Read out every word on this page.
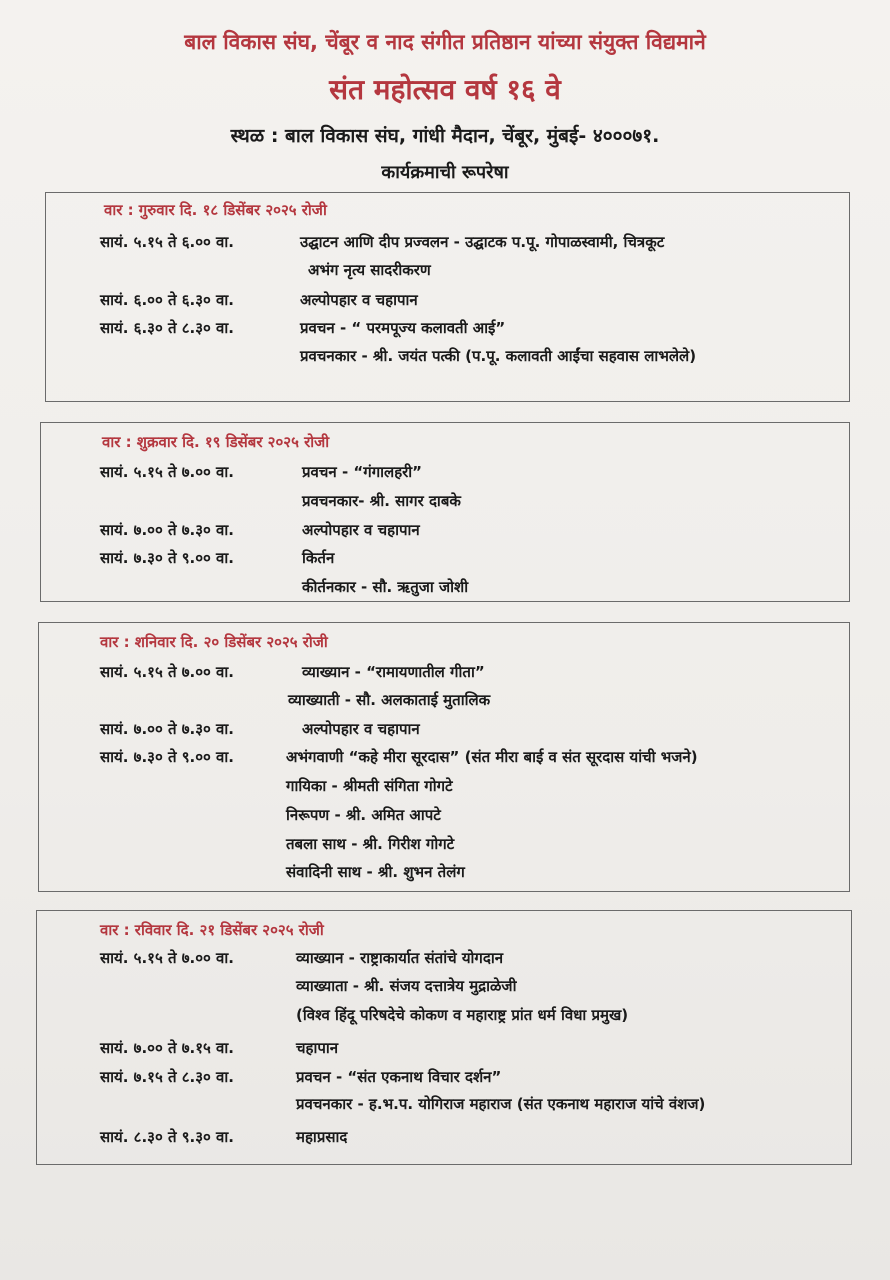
बाल विकास संघ, चेंबूर व नाद संगीत प्रतिष्ठान यांच्या संयुक्त विद्यमाने
संत महोत्सव वर्ष १६ वे
स्थळ : बाल विकास संघ, गांधी मैदान, चेंबूर, मुंबई- ४०००७१.
कार्यक्रमाची रूपरेषा
वार : गुरुवार दि. १८ डिसेंबर २०२५ रोजी
सायं. ५.१५ ते ६.०० वा.	उद्घाटन आणि दीप प्रज्वलन - उद्घाटक प.पू. गोपाळस्वामी, चित्रकूट
अभंग नृत्य सादरीकरण
सायं. ६.०० ते ६.३० वा.	अल्पोपहार व चहापान
सायं. ६.३० ते ८.३० वा.	प्रवचन - “ परमपूज्य कलावती आई”
प्रवचनकार - श्री. जयंत पत्की (प.पू. कलावती आईंचा सहवास लाभलेले)
वार : शुक्रवार दि. १९ डिसेंबर २०२५ रोजी
सायं. ५.१५ ते ७.०० वा.	प्रवचन - “गंगालहरी”
प्रवचनकार- श्री. सागर दाबके
सायं. ७.०० ते ७.३० वा.	अल्पोपहार व चहापान
सायं. ७.३० ते ९.०० वा.	किर्तन
कीर्तनकार - सौ. ऋतुजा जोशी
वार : शनिवार दि. २० डिसेंबर २०२५ रोजी
सायं. ५.१५ ते ७.०० वा.	व्याख्यान - “रामायणातील गीता”
व्याख्याती - सौ. अलकाताई मुतालिक
सायं. ७.०० ते ७.३० वा.	अल्पोपहार व चहापान
सायं. ७.३० ते ९.०० वा.	अभंगवाणी “कहे मीरा सूरदास” (संत मीरा बाई व संत सूरदास यांची भजने)
गायिका - श्रीमती संगिता गोगटे
निरूपण - श्री. अमित आपटे
तबला साथ - श्री. गिरीश गोगटे
संवादिनी साथ - श्री. शुभन तेलंग
वार : रविवार दि. २१ डिसेंबर २०२५ रोजी
सायं. ५.१५ ते ७.०० वा.	व्याख्यान - राष्ट्राकार्यात संतांचे योगदान
व्याख्याता - श्री. संजय दत्तात्रेय मुद्राळेजी
(विश्व हिंदू परिषदेचे कोकण व महाराष्ट्र प्रांत धर्म विधा प्रमुख)
सायं. ७.०० ते ७.१५ वा.	चहापान
सायं. ७.१५ ते ८.३० वा.	प्रवचन - “संत एकनाथ विचार दर्शन”
प्रवचनकार - ह.भ.प. योगिराज महाराज (संत एकनाथ महाराज यांचे वंशज)
सायं. ८.३० ते ९.३० वा.	महाप्रसाद
